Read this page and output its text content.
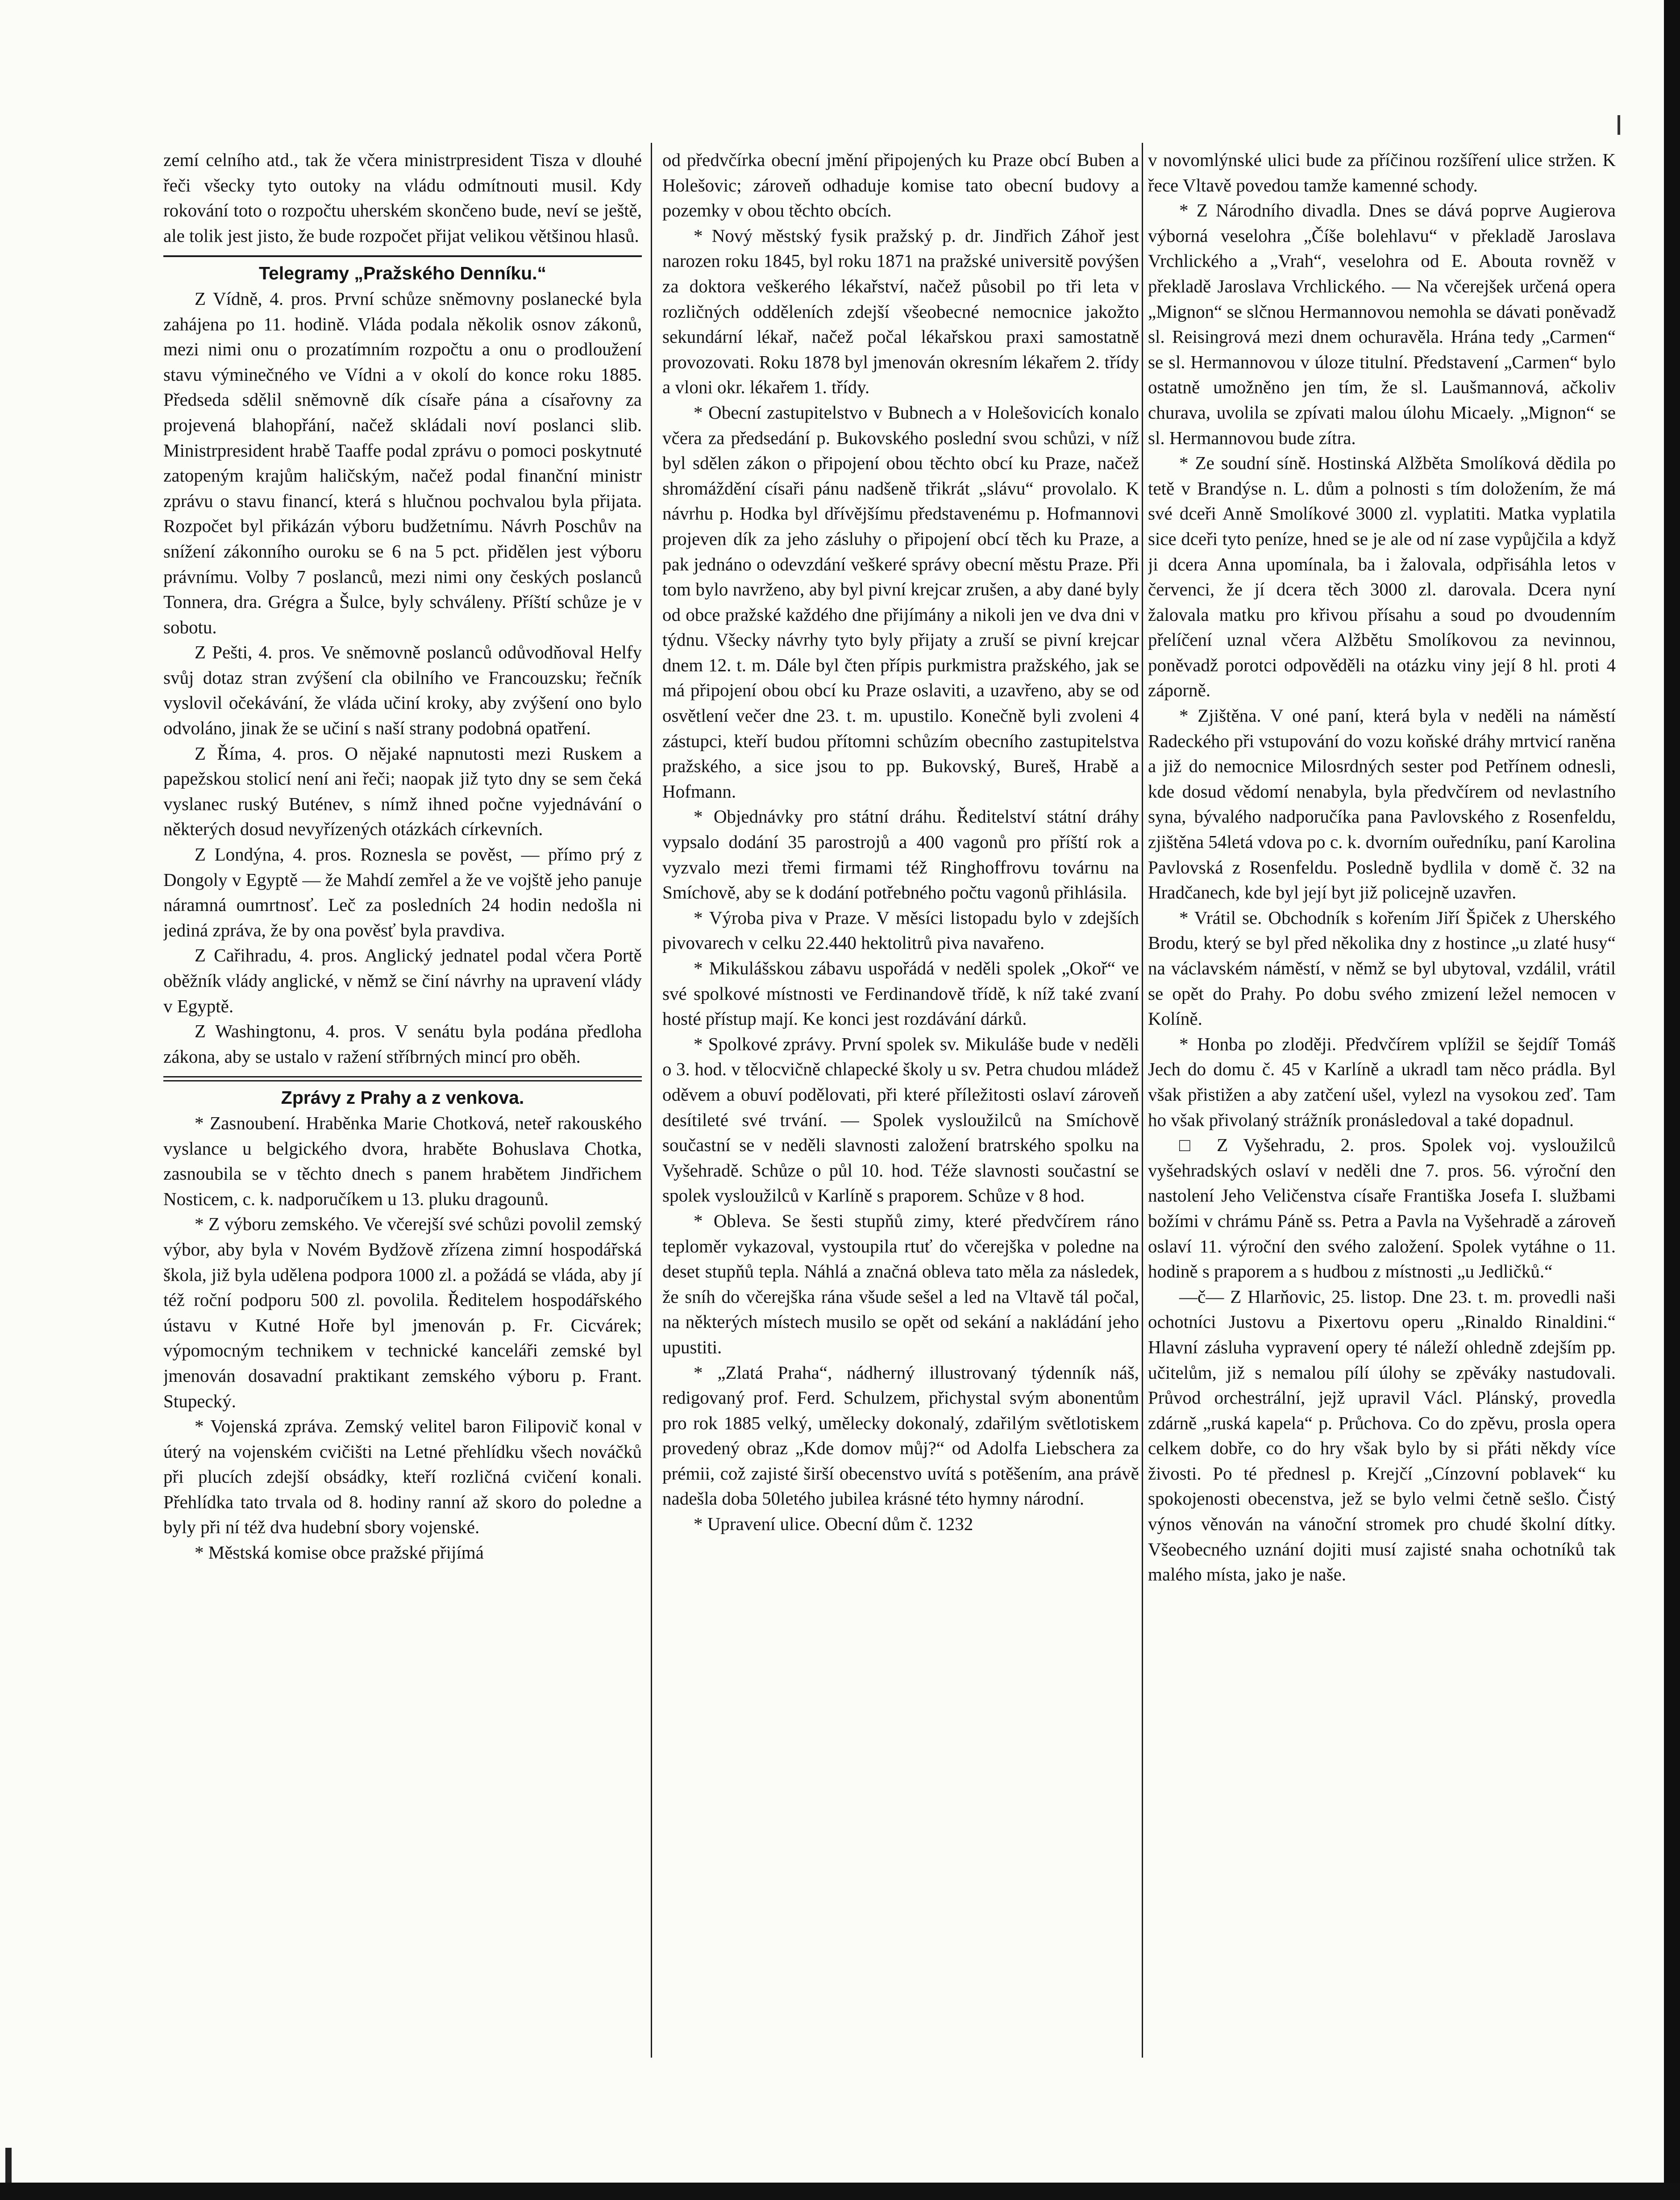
zemí celního atd., tak že včera ministrpresident Tisza v dlouhé řeči všecky tyto outoky na vládu odmítnouti musil. Kdy rokování toto o rozpočtu uherském skončeno bude, neví se ještě, ale tolik jest jisto, že bude rozpočet přijat velikou většinou hlasů.

Telegramy „Pražského Denníku.“

Z Vídně, 4. pros. První schůze sněmovny poslanecké byla zahájena po 11. hodině. Vláda podala několik osnov zákonů, mezi nimi onu o prozatímním rozpočtu a onu o prodloužení stavu výminečného ve Vídni a v okolí do konce roku 1885. Předseda sdělil sněmovně dík císaře pána a císařovny za projevená blahopřání, načež skládali noví poslanci slib. Ministrpresident hrabě Taaffe podal zprávu o pomoci poskytnuté zatopeným krajům haličským, načež podal finanční ministr zprávu o stavu financí, která s hlučnou pochvalou byla přijata. Rozpočet byl přikázán výboru budžetnímu. Návrh Poschův na snížení zákonního ouroku se 6 na 5 pct. přidělen jest výboru právnímu. Volby 7 poslanců, mezi nimi ony českých poslanců Tonnera, dra. Grégra a Šulce, byly schváleny. Příští schůze je v sobotu.

Z Pešti, 4. pros. Ve sněmovně poslanců odůvodňoval Helfy svůj dotaz stran zvýšení cla obilního ve Francouzsku; řečník vyslovil očekávání, že vláda učiní kroky, aby zvýšení ono bylo odvoláno, jinak že se učiní s naší strany podobná opatření.

Z Říma, 4. pros. O nějaké napnutosti mezi Ruskem a papežskou stolicí není ani řeči; naopak již tyto dny se sem čeká vyslanec ruský Buténev, s nímž ihned počne vyjednávání o některých dosud nevyřízených otázkách církevních.

Z Londýna, 4. pros. Roznesla se pověst, — přímo prý z Dongoly v Egyptě — že Mahdí zemřel a že ve vojště jeho panuje náramná oumrtnosť. Leč za posledních 24 hodin nedošla ni jediná zpráva, že by ona pověsť byla pravdiva.

Z Cařihradu, 4. pros. Anglický jednatel podal včera Portě oběžník vlády anglické, v němž se činí návrhy na upravení vlády v Egyptě.

Z Washingtonu, 4. pros. V senátu byla podána předloha zákona, aby se ustalo v ražení stříbrných mincí pro oběh.

Zprávy z Prahy a z venkova.

* Zasnoubení. Hraběnka Marie Chotková, neteř rakouského vyslance u belgického dvora, hraběte Bohuslava Chotka, zasnoubila se v těchto dnech s panem hrabětem Jindřichem Nosticem, c. k. nadporučíkem u 13. pluku dragounů.

* Z výboru zemského. Ve včerejší své schůzi povolil zemský výbor, aby byla v Novém Bydžově zřízena zimní hospodářská škola, již byla udělena podpora 1000 zl. a požádá se vláda, aby jí též roční podporu 500 zl. povolila. Ředitelem hospodářského ústavu v Kutné Hoře byl jmenován p. Fr. Cicvárek; výpomocným technikem v technické kanceláři zemské byl jmenován dosavadní praktikant zemského výboru p. Frant. Stupecký.

* Vojenská zpráva. Zemský velitel baron Filipovič konal v úterý na vojenském cvičišti na Letné přehlídku všech nováčků při plucích zdejší obsádky, kteří rozličná cvičení konali. Přehlídka tato trvala od 8. hodiny ranní až skoro do poledne a byly při ní též dva hudební sbory vojenské.

* Městská komise obce pražské přijímá

od předvčírka obecní jmění připojených ku Praze obcí Buben a Holešovic; zároveň odhaduje komise tato obecní budovy a pozemky v obou těchto obcích.

* Nový městský fysik pražský p. dr. Jindřich Záhoř jest narozen roku 1845, byl roku 1871 na pražské universitě povýšen za doktora veškerého lékařství, načež působil po tři leta v rozličných odděleních zdejší všeobecné nemocnice jakožto sekundární lékař, načež počal lékařskou praxi samostatně provozovati. Roku 1878 byl jmenován okresním lékařem 2. třídy a vloni okr. lékařem 1. třídy.

* Obecní zastupitelstvo v Bubnech a v Holešovicích konalo včera za předsedání p. Bukovského poslední svou schůzi, v níž byl sdělen zákon o připojení obou těchto obcí ku Praze, načež shromáždění císaři pánu nadšeně třikrát „slávu“ provolalo. K návrhu p. Hodka byl dřívějšímu představenému p. Hofmannovi projeven dík za jeho zásluhy o připojení obcí těch ku Praze, a pak jednáno o odevzdání veškeré správy obecní městu Praze. Při tom bylo navrženo, aby byl pivní krejcar zrušen, a aby dané byly od obce pražské každého dne přijímány a nikoli jen ve dva dni v týdnu. Všecky návrhy tyto byly přijaty a zruší se pivní krejcar dnem 12. t. m. Dále byl čten přípis purkmistra pražského, jak se má připojení obou obcí ku Praze oslaviti, a uzavřeno, aby se od osvětlení večer dne 23. t. m. upustilo. Konečně byli zvoleni 4 zástupci, kteří budou přítomni schůzím obecního zastupitelstva pražského, a sice jsou to pp. Bukovský, Bureš, Hrabě a Hofmann.

* Objednávky pro státní dráhu. Ředitelství státní dráhy vypsalo dodání 35 parostrojů a 400 vagonů pro příští rok a vyzvalo mezi třemi firmami též Ringhoffrovu továrnu na Smíchově, aby se k dodání potřebného počtu vagonů přihlásila.

* Výroba piva v Praze. V měsíci listopadu bylo v zdejších pivovarech v celku 22.440 hektolitrů piva navařeno.

* Mikulášskou zábavu uspořádá v neděli spolek „Okoř“ ve své spolkové místnosti ve Ferdinandově třídě, k níž také zvaní hosté přístup mají. Ke konci jest rozdávání dárků.

* Spolkové zprávy. První spolek sv. Mikuláše bude v neděli o 3. hod. v tělocvičně chlapecké školy u sv. Petra chudou mládež oděvem a obuví podělovati, při které příležitosti oslaví zároveň desítileté své trvání. — Spolek vysloužilců na Smíchově součastní se v neděli slavnosti založení bratrského spolku na Vyšehradě. Schůze o půl 10. hod. Téže slavnosti součastní se spolek vysloužilců v Karlíně s praporem. Schůze v 8 hod.

* Oblevа. Se šesti stupňů zimy, které předvčírem ráno teploměr vykazoval, vystoupila rtuť do včerejška v poledne na deset stupňů tepla. Náhlá a značná obleva tato měla za následek, že sníh do včerejška rána všude sešel a led na Vltavě tál počal, na některých místech musilo se opět od sekání a nakládání jeho upustiti.

* „Zlatá Praha“, nádherný illustrovaný týdenník náš, redigovaný prof. Ferd. Schulzem, přichystal svým abonentům pro rok 1885 velký, umělecky dokonalý, zdařilým světlotiskem provedený obraz „Kde domov můj?“ od Adolfa Liebschera za prémii, což zajisté širší obecenstvo uvítá s potěšením, ana právě nadešla doba 50letého jubilea krásné této hymny národní.

* Upravení ulice. Obecní dům č. 1232

v novomlýnské ulici bude za příčinou rozšíření ulice stržen. K řece Vltavě povedou tamže kamenné schody.

* Z Národního divadla. Dnes se dává poprve Augierova výborná veselohra „Číše bolehlavu“ v překladě Jaroslava Vrchlického a „Vrah“, veselohra od E. Abouta rovněž v překladě Jaroslava Vrchlického. — Na včerejšek určená opera „Mignon“ se slčnou Hermannovou nemohla se dávati poněvadž sl. Reisingrová mezi dnem ochuravěla. Hrána tedy „Carmen“ se sl. Hermannovou v úloze titulní. Představení „Carmen“ bylo ostatně umožněno jen tím, že sl. Laušmannová, ačkoliv churava, uvolila se zpívati malou úlohu Micaely. „Mignon“ se sl. Hermannovou bude zítra.

* Ze soudní síně. Hostinská Alžběta Smolíková dědila po tetě v Brandýse n. L. dům a polnosti s tím doložením, že má své dceři Anně Smolíkové 3000 zl. vyplatiti. Matka vyplatila sice dceři tyto peníze, hned se je ale od ní zase vypůjčila a když ji dcera Anna upomínala, ba i žalovala, odpřisáhla letos v červenci, že jí dcera těch 3000 zl. darovala. Dcera nyní žalovala matku pro křivou přísahu a soud po dvoudenním přelíčení uznal včera Alžbětu Smolíkovou za nevinnou, poněvadž porotci odpověděli na otázku viny její 8 hl. proti 4 záporně.

* Zjištěna. V oné paní, která byla v neděli na náměstí Radeckého při vstupování do vozu koňské dráhy mrtvicí raněna a již do nemocnice Milosrdných sester pod Petřínem odnesli, kde dosud vědomí nenabyla, byla předvčírem od nevlastního syna, bývalého nadporučíka pana Pavlovského z Rosenfeldu, zjištěna 54letá vdova po c. k. dvorním ouředníku, paní Karolina Pavlovská z Rosenfeldu. Posledně bydlila v domě č. 32 na Hradčanech, kde byl její byt již policejně uzavřen.

* Vrátil se. Obchodník s kořením Jiří Špiček z Uherského Brodu, který se byl před několika dny z hostince „u zlaté husy“ na václavském náměstí, v němž se byl ubytoval, vzdálil, vrátil se opět do Prahy. Po dobu svého zmizení ležel nemocen v Kolíně.

* Honba po zloději. Předvčírem vplížil se šejdíř Tomáš Jech do domu č. 45 v Karlíně a ukradl tam něco prádla. Byl však přistižen a aby zatčení ušel, vylezl na vysokou zeď. Tam ho však přivolaný strážník pronásledoval a také dopadnul.

□ Z Vyšehradu, 2. pros. Spolek voj. vysloužilců vyšehradských oslaví v neděli dne 7. pros. 56. výroční den nastolení Jeho Veličenstva císaře Františka Josefa I. službami božími v chrámu Páně ss. Petra a Pavla na Vyšehradě a zároveň oslaví 11. výroční den svého založení. Spolek vytáhne o 11. hodině s praporem a s hudbou z místnosti „u Jedličků.“

—č— Z Hlarňovic, 25. listop. Dne 23. t. m. provedli naši ochotníci Justovu a Pixertovu operu „Rinaldo Rinaldini.“ Hlavní zásluha vypravení opery té náleží ohledně zdejším pp. učitelům, již s nemalou pílí úlohy se zpěváky nastudovali. Průvod orchestrální, jejž upravil Václ. Plánský, provedla zdárně „ruská kapela“ p. Průchova. Co do zpěvu, prosla opera celkem dobře, co do hry však bylo by si přáti někdy více živosti. Po té přednesl p. Krejčí „Cínzovní poblavek“ ku spokojenosti obecenstva, jež se bylo velmi četně sešlo. Čistý výnos věnován na vánoční stromek pro chudé školní dítky. Všeobecného uznání dojiti musí zajisté snaha ochotníků tak malého místa, jako je naše.
